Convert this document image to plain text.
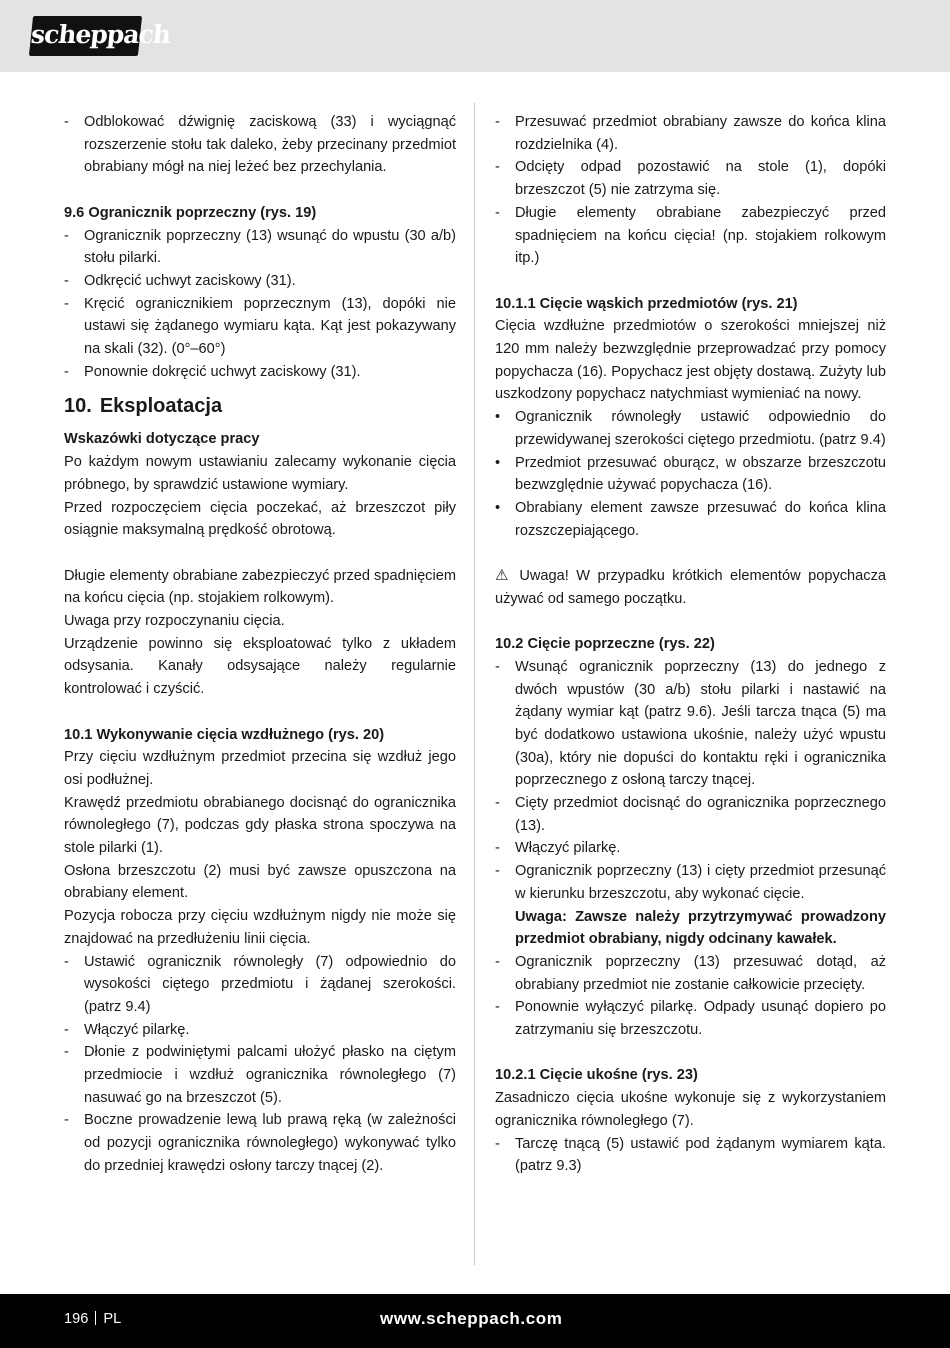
scheppach
- Odblokować dźwignię zaciskową (33) i wyciągnąć rozszerzenie stołu tak daleko, żeby przecinany przedmiot obrabiany mógł na niej leżeć bez przechylania.

9.6 Ogranicznik poprzeczny (rys. 19)

- Ogranicznik poprzeczny (13) wsunąć do wpustu (30 a/b) stołu pilarki.
- Odkręcić uchwyt zaciskowy (31).
- Kręcić ogranicznikiem poprzecznym (13), dopóki nie ustawi się żądanego wymiaru kąta. Kąt jest pokazywany na skali (32). (0°–60°)
- Ponownie dokręcić uchwyt zaciskowy (31).
10. Eksploatacja

Wskazówki dotyczące pracy

Po każdym nowym ustawianiu zalecamy wykonanie cięcia próbnego, by sprawdzić ustawione wymiary.

Przed rozpoczęciem cięcia poczekać, aż brzeszczot piły osiągnie maksymalną prędkość obrotową.

Długie elementy obrabiane zabezpieczyć przed spadnięciem na końcu cięcia (np. stojakiem rolkowym).

Uwaga przy rozpoczynaniu cięcia.

Urządzenie powinno się eksploatować tylko z układem odsysania. Kanały odsysające należy regularnie kontrolować i czyścić.

10.1 Wykonywanie cięcia wzdłużnego (rys. 20)

Przy cięciu wzdłużnym przedmiot przecina się wzdłuż jego osi podłużnej.

Krawędź przedmiotu obrabianego docisnąć do ogranicznika równoległego (7), podczas gdy płaska strona spoczywa na stole pilarki (1).

Osłona brzeszczotu (2) musi być zawsze opuszczona na obrabiany element.

Pozycja robocza przy cięciu wzdłużnym nigdy nie może się znajdować na przedłużeniu linii cięcia.

- Ustawić ogranicznik równoległy (7) odpowiednio do wysokości ciętego przedmiotu i żądanej szerokości. (patrz 9.4)
- Włączyć pilarkę.
- Dłonie z podwiniętymi palcami ułożyć płasko na ciętym przedmiocie i wzdłuż ogranicznika równoległego (7) nasuwać go na brzeszczot (5).
- Boczne prowadzenie lewą lub prawą ręką (w zależności od pozycji ogranicznika równoległego) wykonywać tylko do przedniej krawędzi osłony tarczy tnącej (2).
- Przesuwać przedmiot obrabiany zawsze do końca klina rozdzielnika (4).
- Odcięty odpad pozostawić na stole (1), dopóki brzeszczot (5) nie zatrzyma się.
- Długie elementy obrabiane zabezpieczyć przed spadnięciem na końcu cięcia! (np. stojakiem rolkowym itp.)

10.1.1 Cięcie wąskich przedmiotów (rys. 21)

Cięcia wzdłużne przedmiotów o szerokości mniejszej niż 120 mm należy bezwzględnie przeprowadzać przy pomocy popychacza (16). Popychacz jest objęty dostawą. Zużyty lub uszkodzony popychacz natychmiast wymieniać na nowy.

• Ogranicznik równoległy ustawić odpowiednio do przewidywanej szerokości ciętego przedmiotu. (patrz 9.4)
• Przedmiot przesuwać oburącz, w obszarze brzeszczotu bezwzględnie używać popychacza (16).
• Obrabiany element zawsze przesuwać do końca klina rozszczepiającego.

⚠ Uwaga! W przypadku krótkich elementów popychacza używać od samego początku.

10.2 Cięcie poprzeczne (rys. 22)

- Wsunąć ogranicznik poprzeczny (13) do jednego z dwóch wpustów (30 a/b) stołu pilarki i nastawić na żądany wymiar kąt (patrz 9.6). Jeśli tarcza tnąca (5) ma być dodatkowo ustawiona ukośnie, należy użyć wpustu (30a), który nie dopuści do kontaktu ręki i ogranicznika poprzecznego z osłoną tarczy tnącej.
- Cięty przedmiot docisnąć do ogranicznika poprzecznego (13).
- Włączyć pilarkę.
- Ogranicznik poprzeczny (13) i cięty przedmiot przesunąć w kierunku brzeszczotu, aby wykonać cięcie.
Uwaga: Zawsze należy przytrzymywać prowadzony przedmiot obrabiany, nigdy odcinany kawałek.
- Ogranicznik poprzeczny (13) przesuwać dotąd, aż obrabiany przedmiot nie zostanie całkowicie przecięty.
- Ponownie wyłączyć pilarkę. Odpady usunąć dopiero po zatrzymaniu się brzeszczotu.

10.2.1 Cięcie ukośne (rys. 23)

Zasadniczo cięcia ukośne wykonuje się z wykorzystaniem ogranicznika równoległego (7).

- Tarczę tnącą (5) ustawić pod żądanym wymiarem kąta. (patrz 9.3)
196 PL	www.scheppach.com
